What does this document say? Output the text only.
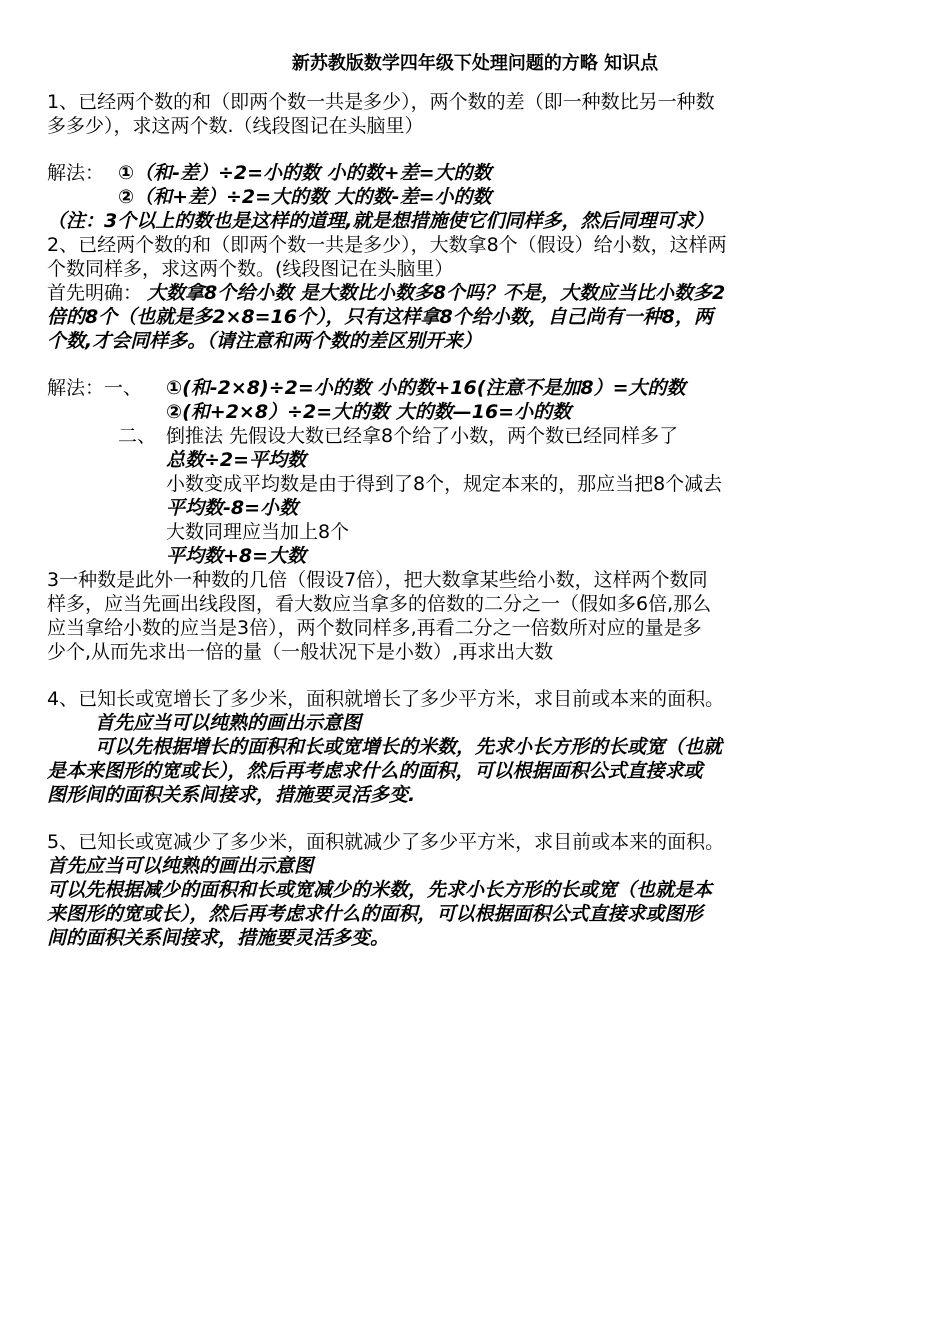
新苏教版数学四年级下处理问题的方略 知识点
1、已经两个数的和（即两个数一共是多少），两个数的差（即一种数比另一种数
多多少），求这两个数.（线段图记在头脑里）
解法： ①（和-差）÷2=小的数 小的数+差=大的数
②（和+差）÷2=大的数 大的数-差=小的数
（注：3个以上的数也是这样的道理,就是想措施使它们同样多，然后同理可求）
2、已经两个数的和（即两个数一共是多少），大数拿8个（假设）给小数，这样两
个数同样多，求这两个数。(线段图记在头脑里）
首先明确： 大数拿8个给小数 是大数比小数多8个吗？不是，大数应当比小数多2
倍的8个（也就是多2×8=16个），只有这样拿8个给小数，自己尚有一种8，两
个数,才会同样多。（请注意和两个数的差区别开来）
解法：一、 ①(和-2×8)÷2=小的数 小的数+16(注意不是加8）=大的数
②(和+2×8）÷2=大的数 大的数—16=小的数
二、 倒推法 先假设大数已经拿8个给了小数，两个数已经同样多了
总数÷2=平均数
小数变成平均数是由于得到了8个，规定本来的，那应当把8个减去
平均数-8=小数
大数同理应当加上8个
平均数+8=大数
3一种数是此外一种数的几倍（假设7倍），把大数拿某些给小数，这样两个数同
样多，应当先画出线段图，看大数应当拿多的倍数的二分之一（假如多6倍,那么
应当拿给小数的应当是3倍），两个数同样多,再看二分之一倍数所对应的量是多
少个,从而先求出一倍的量（一般状况下是小数）,再求出大数
4、已知长或宽增长了多少米，面积就增长了多少平方米，求目前或本来的面积。
首先应当可以纯熟的画出示意图
可以先根据增长的面积和长或宽增长的米数，先求小长方形的长或宽（也就
是本来图形的宽或长），然后再考虑求什么的面积，可以根据面积公式直接求或
图形间的面积关系间接求，措施要灵活多变.
5、已知长或宽减少了多少米，面积就减少了多少平方米，求目前或本来的面积。
首先应当可以纯熟的画出示意图
可以先根据减少的面积和长或宽减少的米数，先求小长方形的长或宽（也就是本
来图形的宽或长），然后再考虑求什么的面积，可以根据面积公式直接求或图形
间的面积关系间接求，措施要灵活多变。
